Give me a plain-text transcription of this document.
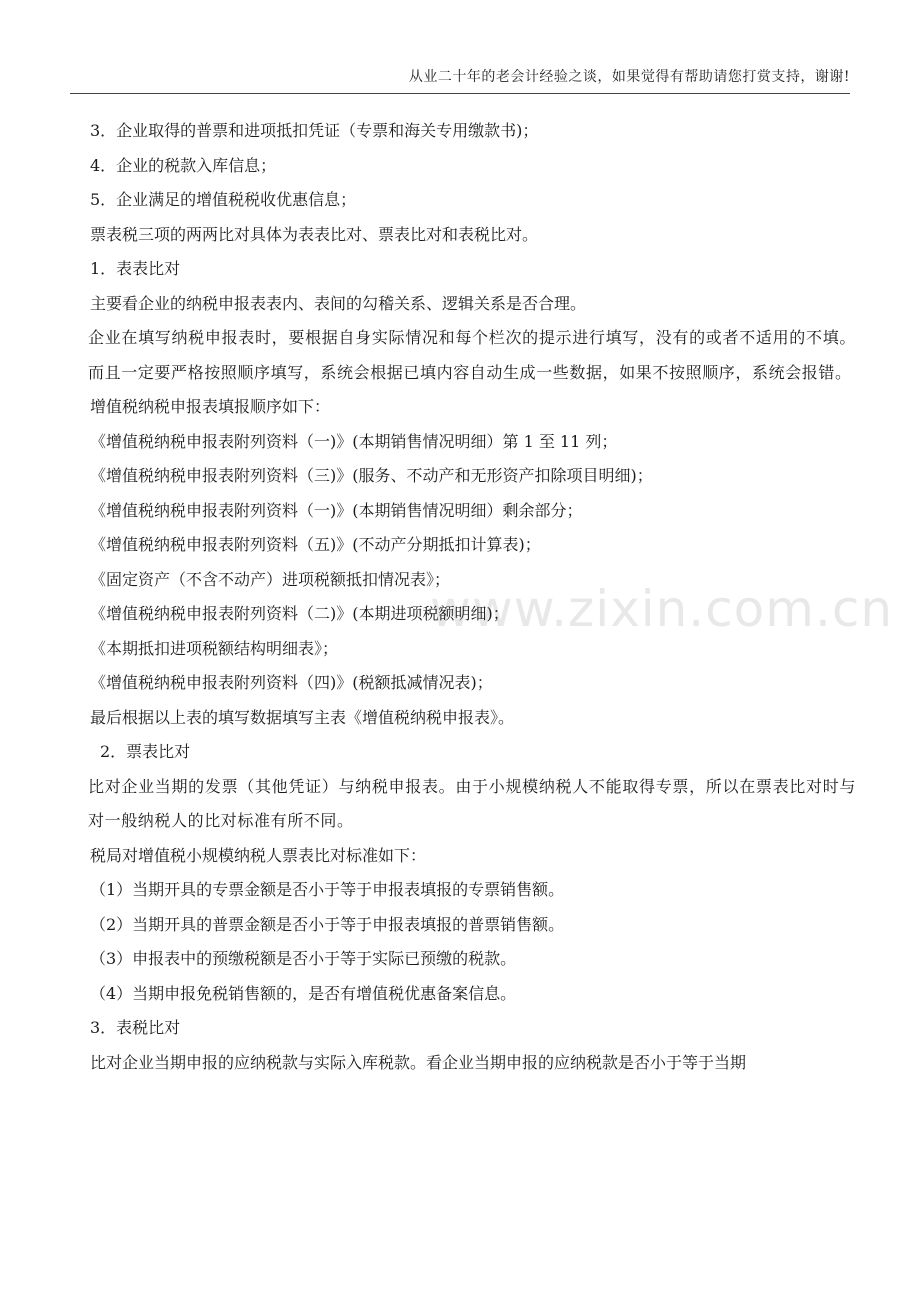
从业二十年的老会计经验之谈，如果觉得有帮助请您打赏支持，谢谢!
www.zixin.com.cn

3．企业取得的普票和进项抵扣凭证（专票和海关专用缴款书)；

4．企业的税款入库信息；

5．企业满足的增值税税收优惠信息；

票表税三项的两两比对具体为表表比对、票表比对和表税比对。

1．表表比对

主要看企业的纳税申报表表内、表间的勾稽关系、逻辑关系是否合理。

企业在填写纳税申报表时，要根据自身实际情况和每个栏次的提示进行填写，没有的或者不适用的不填。而且一定要严格按照顺序填写，系统会根据已填内容自动生成一些数据，如果不按照顺序，系统会报错。

增值税纳税申报表填报顺序如下：

《增值税纳税申报表附列资料（一)》(本期销售情况明细）第 1 至 11 列；

《增值税纳税申报表附列资料（三)》(服务、不动产和无形资产扣除项目明细)；

《增值税纳税申报表附列资料（一)》(本期销售情况明细）剩余部分；

《增值税纳税申报表附列资料（五)》(不动产分期抵扣计算表)；

《固定资产（不含不动产）进项税额抵扣情况表》；

《增值税纳税申报表附列资料（二)》(本期进项税额明细)；

《本期抵扣进项税额结构明细表》；

《增值税纳税申报表附列资料（四)》(税额抵减情况表)；

最后根据以上表的填写数据填写主表《增值税纳税申报表》。

2．票表比对

比对企业当期的发票（其他凭证）与纳税申报表。由于小规模纳税人不能取得专票，所以在票表比对时与对一般纳税人的比对标准有所不同。

税局对增值税小规模纳税人票表比对标准如下：

（1）当期开具的专票金额是否小于等于申报表填报的专票销售额。

（2）当期开具的普票金额是否小于等于申报表填报的普票销售额。

（3）申报表中的预缴税额是否小于等于实际已预缴的税款。

（4）当期申报免税销售额的，是否有增值税优惠备案信息。

3．表税比对

比对企业当期申报的应纳税款与实际入库税款。看企业当期申报的应纳税款是否小于等于当期
